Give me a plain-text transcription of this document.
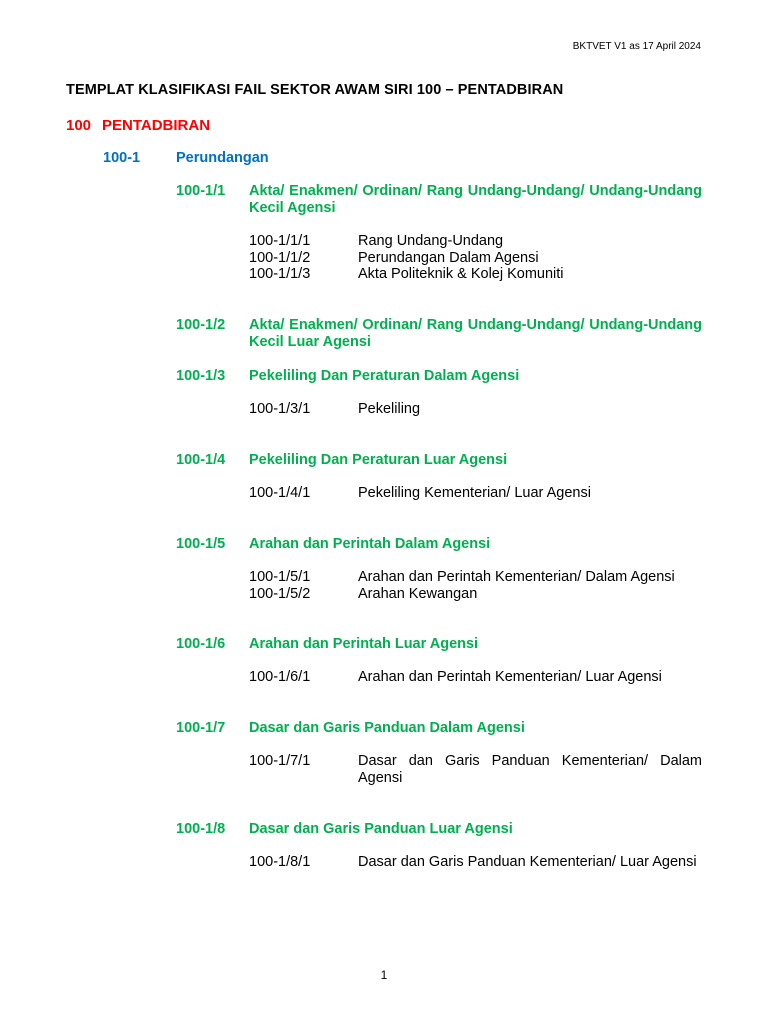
BKTVET V1 as 17 April 2024
TEMPLAT KLASIFIKASI FAIL SEKTOR AWAM SIRI 100 – PENTADBIRAN
100 PENTADBIRAN
100-1 Perundangan
100-1/1	Akta/ Enakmen/ Ordinan/ Rang Undang-Undang/ Undang-Undang Kecil Agensi
100-1/1/1	Rang Undang-Undang
100-1/1/2	Perundangan Dalam Agensi
100-1/1/3	Akta Politeknik & Kolej Komuniti
100-1/2	Akta/ Enakmen/ Ordinan/ Rang Undang-Undang/ Undang-Undang Kecil Luar Agensi
100-1/3	Pekeliling Dan Peraturan Dalam Agensi
100-1/3/1	Pekeliling
100-1/4	Pekeliling Dan Peraturan Luar Agensi
100-1/4/1	Pekeliling Kementerian/ Luar Agensi
100-1/5	Arahan dan Perintah Dalam Agensi
100-1/5/1	Arahan dan Perintah Kementerian/ Dalam Agensi
100-1/5/2	Arahan Kewangan
100-1/6	Arahan dan Perintah Luar Agensi
100-1/6/1	Arahan dan Perintah Kementerian/ Luar Agensi
100-1/7	Dasar dan Garis Panduan Dalam Agensi
100-1/7/1	Dasar dan Garis Panduan Kementerian/ Dalam Agensi
100-1/8	Dasar dan Garis Panduan Luar Agensi
100-1/8/1	Dasar dan Garis Panduan Kementerian/ Luar Agensi
1
